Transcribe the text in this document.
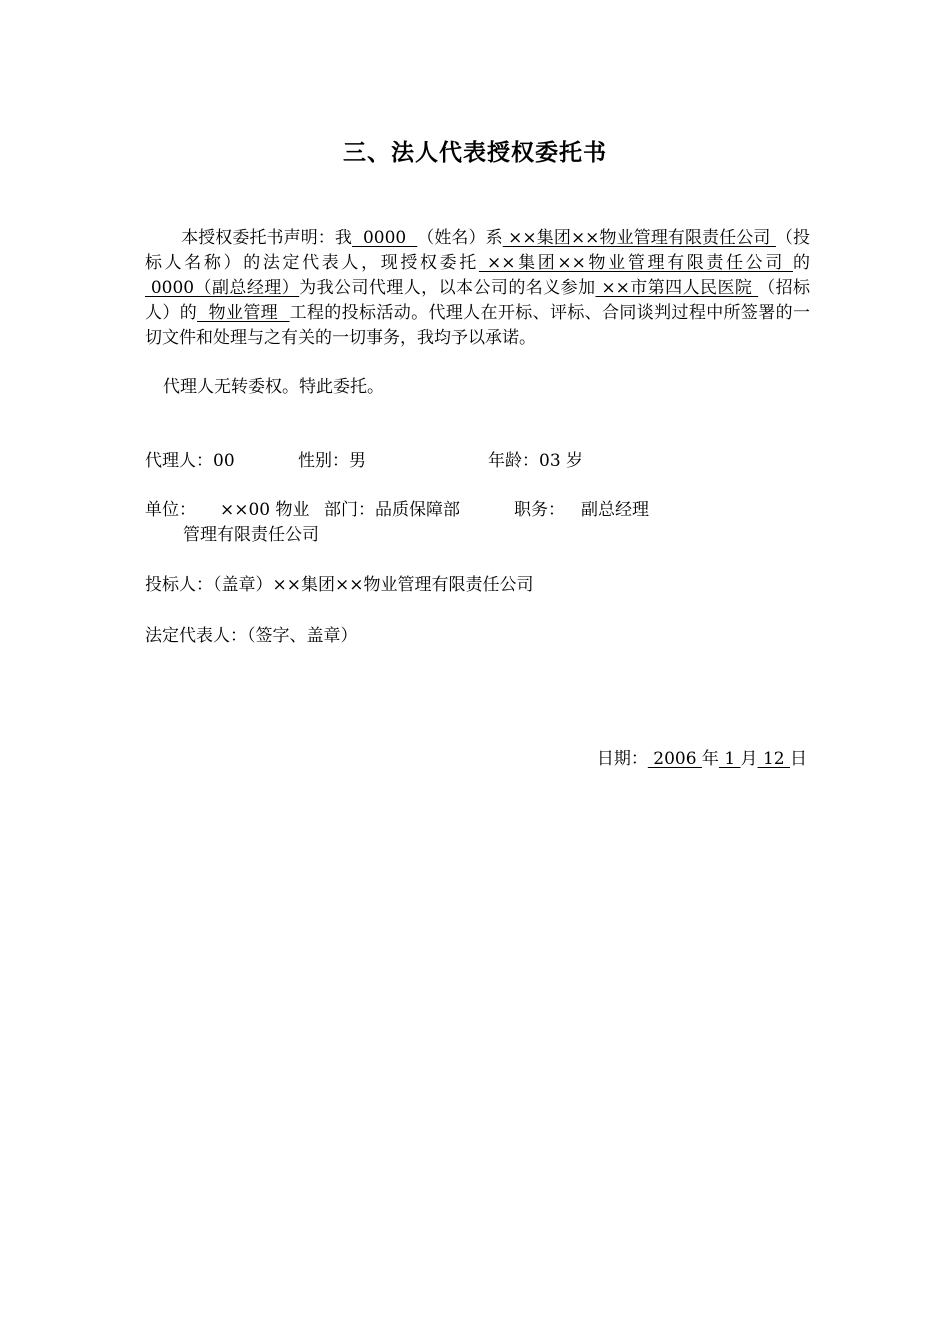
三、法人代表授权委托书
本授权委托书声明：我  0000  （姓名）系 ××集团××物业管理有限责任公司 （投标人名称）的法定代表人，现授权委托 ××集团××物业管理有限责任公司 的 0000（副总经理）为我公司代理人，以本公司的名义参加 ××市第四人民医院 （招标人）的  物业管理  工程的投标活动。代理人在开标、评标、合同谈判过程中所签署的一切文件和处理与之有关的一切事务，我均予以承诺。
代理人无转委权。特此委托。
代理人：00	性别：男	年龄：03 岁
单位： ××00 物业 部门：品质保障部	职务： 副总经理
管理有限责任公司
投标人：（盖章）××集团××物业管理有限责任公司
法定代表人：（签字、盖章）
日期： 2006 年 1 月 12 日
